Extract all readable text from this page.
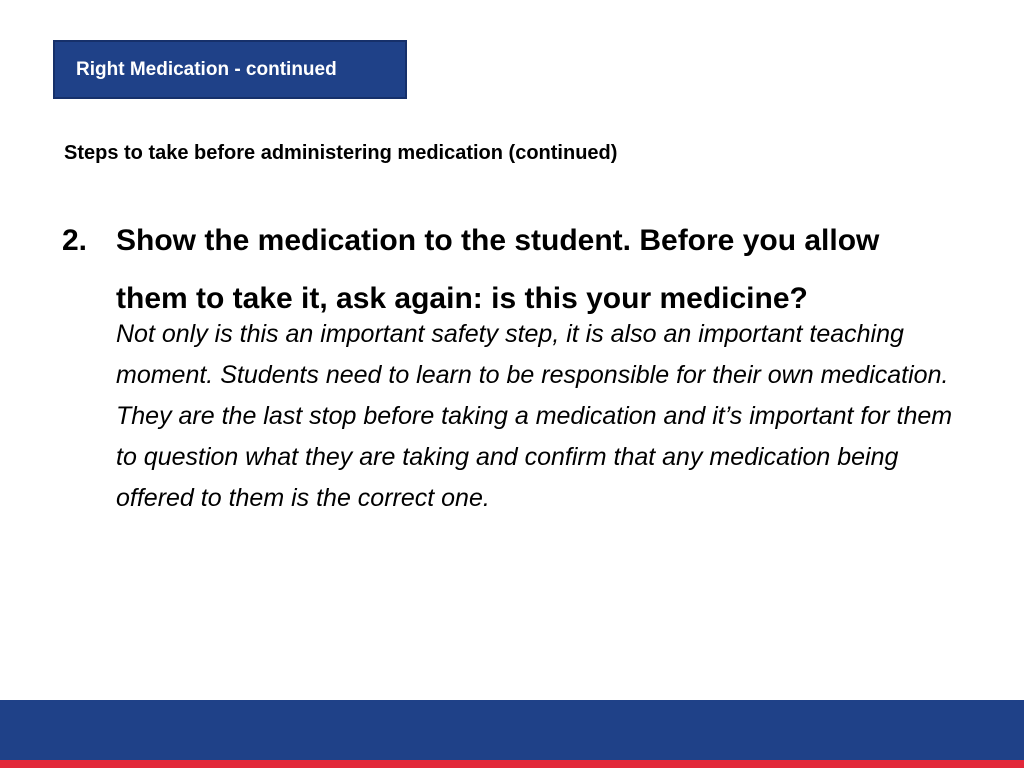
Right Medication - continued
Steps to take before administering medication (continued)
2. Show the medication to the student. Before you allow them to take it, ask again: is this your medicine?

Not only is this an important safety step, it is also an important teaching moment. Students need to learn to be responsible for their own medication. They are the last stop before taking a medication and it’s important for them to question what they are taking and confirm that any medication being offered to them is the correct one.
